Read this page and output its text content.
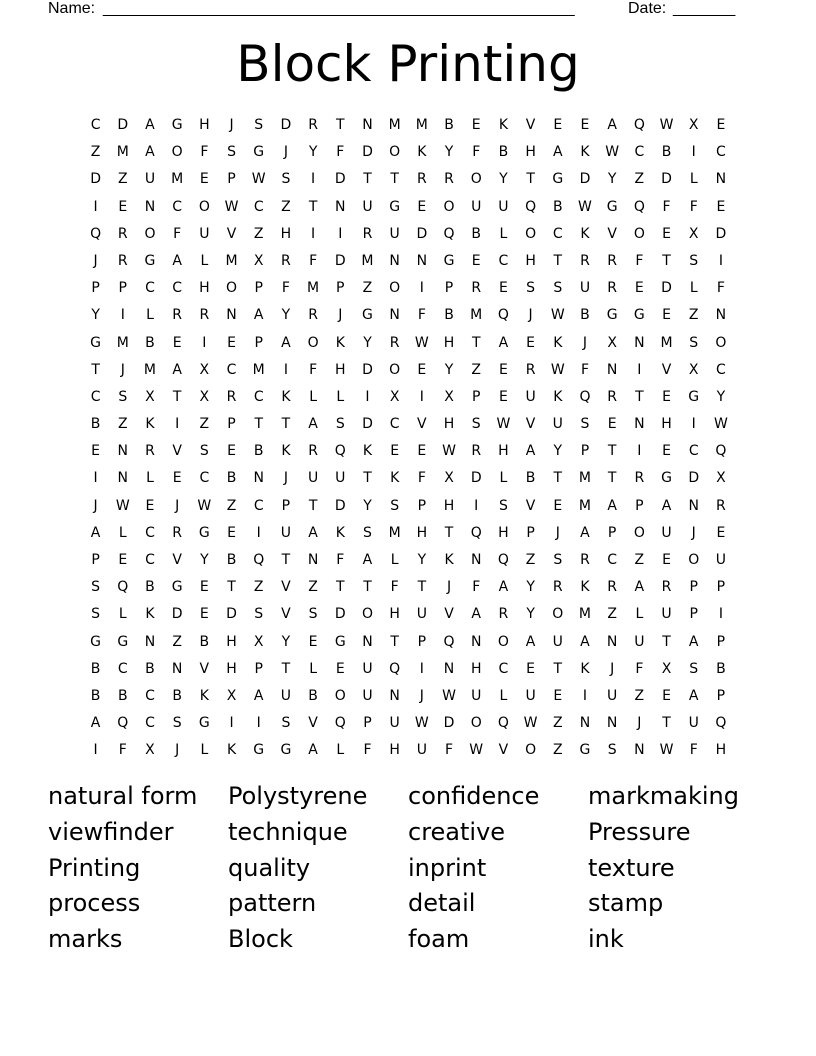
Name: _____________________________________________________	Date: _______
Block Printing
C	D	A	G	H	J	S	D	R	T	N	M	M	B	E	K	V	E	E	A	Q	W	X	E
Z	M	A	O	F	S	G	J	Y	F	D	O	K	Y	F	B	H	A	K	W	C	B	I	C
D	Z	U	M	E	P	W	S	I	D	T	T	R	R	O	Y	T	G	D	Y	Z	D	L	N
I	E	N	C	O	W	C	Z	T	N	U	G	E	O	U	U	Q	B	W	G	Q	F	F	E
Q	R	O	F	U	V	Z	H	I	I	R	U	D	Q	B	L	O	C	K	V	O	E	X	D
J	R	G	A	L	M	X	R	F	D	M	N	N	G	E	C	H	T	R	R	F	T	S	I
P	P	C	C	H	O	P	F	M	P	Z	O	I	P	R	E	S	S	U	R	E	D	L	F
Y	I	L	R	R	N	A	Y	R	J	G	N	F	B	M	Q	J	W	B	G	G	E	Z	N
G	M	B	E	I	E	P	A	O	K	Y	R	W	H	T	A	E	K	J	X	N	M	S	O
T	J	M	A	X	C	M	I	F	H	D	O	E	Y	Z	E	R	W	F	N	I	V	X	C
C	S	X	T	X	R	C	K	L	L	I	X	I	X	P	E	U	K	Q	R	T	E	G	Y
B	Z	K	I	Z	P	T	T	A	S	D	C	V	H	S	W	V	U	S	E	N	H	I	W
E	N	R	V	S	E	B	K	R	Q	K	E	E	W	R	H	A	Y	P	T	I	E	C	Q
I	N	L	E	C	B	N	J	U	U	T	K	F	X	D	L	B	T	M	T	R	G	D	X
J	W	E	J	W	Z	C	P	T	D	Y	S	P	H	I	S	V	E	M	A	P	A	N	R
A	L	C	R	G	E	I	U	A	K	S	M	H	T	Q	H	P	J	A	P	O	U	J	E
P	E	C	V	Y	B	Q	T	N	F	A	L	Y	K	N	Q	Z	S	R	C	Z	E	O	U
S	Q	B	G	E	T	Z	V	Z	T	T	F	T	J	F	A	Y	R	K	R	A	R	P	P
S	L	K	D	E	D	S	V	S	D	O	H	U	V	A	R	Y	O	M	Z	L	U	P	I
G	G	N	Z	B	H	X	Y	E	G	N	T	P	Q	N	O	A	U	A	N	U	T	A	P
B	C	B	N	V	H	P	T	L	E	U	Q	I	N	H	C	E	T	K	J	F	X	S	B
B	B	C	B	K	X	A	U	B	O	U	N	J	W	U	L	U	E	I	U	Z	E	A	P
A	Q	C	S	G	I	I	S	V	Q	P	U	W	D	O	Q	W	Z	N	N	J	T	U	Q
I	F	X	J	L	K	G	G	A	L	F	H	U	F	W	V	O	Z	G	S	N	W	F	H
natural form	Polystyrene	confidence	markmaking
viewfinder	technique	creative	Pressure
Printing	quality	inprint	texture
process	pattern	detail	stamp
marks	Block	foam	ink
